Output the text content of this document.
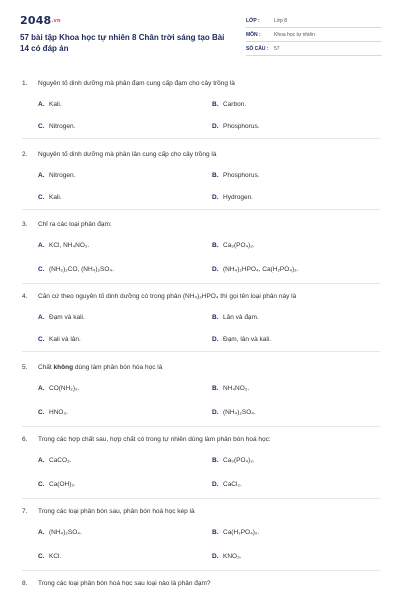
2048.vn
57 bài tập Khoa học tự nhiên 8 Chân trời sáng tạo Bài 14 có đáp án
LỚP :	Lớp 8
MÔN :	Khoa học tự nhiên
SỐ CÂU :	57
1. Nguyên tố dinh dưỡng mà phân đạm cung cấp đạm cho cây trồng là
A. Kali.	B. Carbon.
C. Nitrogen.	D. Phosphorus.
2. Nguyên tố dinh dưỡng mà phân lân cung cấp cho cây trồng là
A. Nitrogen.	B. Phosphorus.
C. Kali.	D. Hydrogen.
3. Chỉ ra các loại phân đạm:
A. KCl, NH₄NO₃.	B. Ca₃(PO₄)₂.
C. (NH₂)₂CO, (NH₄)₂SO₄.	D. (NH₄)₂HPO₄, Ca(H₂PO₄)₂.
4. Căn cứ theo nguyên tố dinh dưỡng có trong phân (NH₄)₂HPO₄ thì gọi tên loại phân này là
A. Đạm và kali.	B. Lân và đạm.
C. Kali và lân.	D. Đạm, lân và kali.
5. Chất không dùng làm phân bón hóa học là
A. CO(NH₂)₂.	B. NH₄NO₃.
C. HNO₃.	D. (NH₄)₂SO₄.
6. Trong các hợp chất sau, hợp chất có trong tự nhiên dùng làm phân bón hoá học:
A. CaCO₃.	B. Ca₃(PO₄)₂.
C. Ca(OH)₂.	D. CaCl₂.
7. Trong các loại phân bón sau, phân bón hoá học kép là
A. (NH₄)₂SO₄.	B. Ca(H₂PO₄)₂.
C. KCl.	D. KNO₃.
8. Trong các loại phân bón hoá học sau loại nào là phân đạm?
